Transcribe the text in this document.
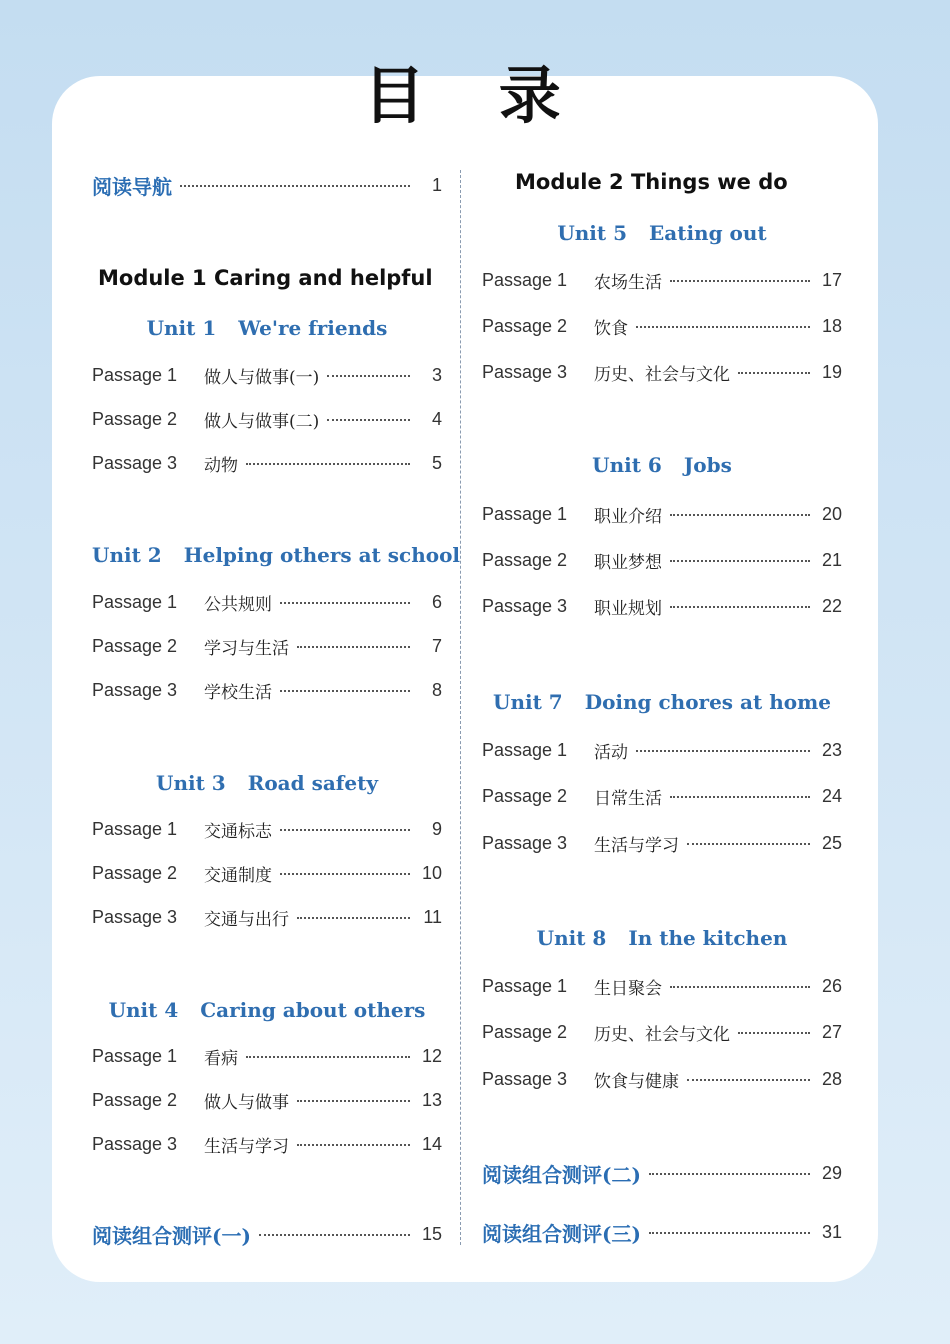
目 录
阅读导航	1
Module 1 Caring and helpful
Unit 1 We're friends
Passage 1	做人与做事(一)	3
Passage 2	做人与做事(二)	4
Passage 3	动物	5
Unit 2 Helping others at school
Passage 1	公共规则	6
Passage 2	学习与生活	7
Passage 3	学校生活	8
Unit 3 Road safety
Passage 1	交通标志	9
Passage 2	交通制度	10
Passage 3	交通与出行	11
Unit 4 Caring about others
Passage 1	看病	12
Passage 2	做人与做事	13
Passage 3	生活与学习	14
阅读组合测评(一)	15
Module 2 Things we do
Unit 5 Eating out
Passage 1	农场生活	17
Passage 2	饮食	18
Passage 3	历史、社会与文化	19
Unit 6 Jobs
Passage 1	职业介绍	20
Passage 2	职业梦想	21
Passage 3	职业规划	22
Unit 7 Doing chores at home
Passage 1	活动	23
Passage 2	日常生活	24
Passage 3	生活与学习	25
Unit 8 In the kitchen
Passage 1	生日聚会	26
Passage 2	历史、社会与文化	27
Passage 3	饮食与健康	28
阅读组合测评(二)	29
阅读组合测评(三)	31
